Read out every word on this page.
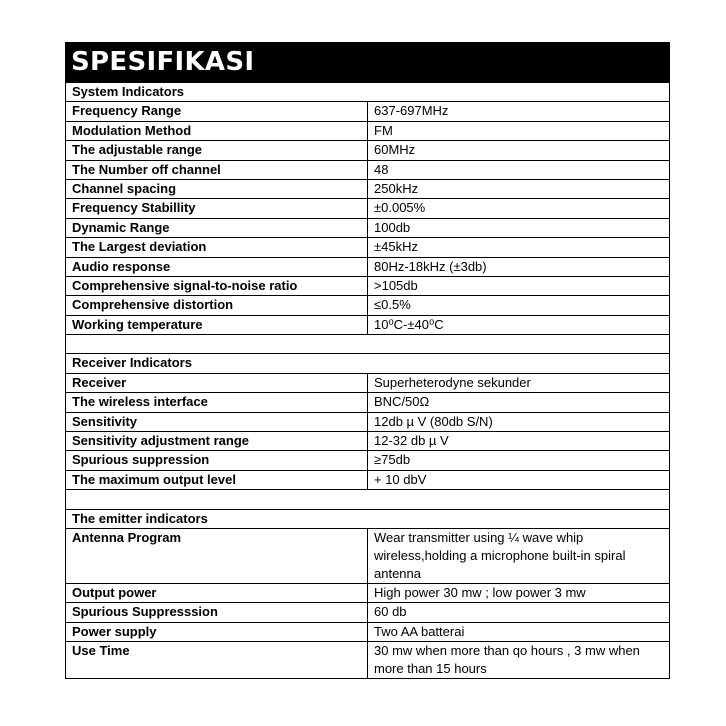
SPESIFIKASI
System Indicators	
Frequency Range	637-697MHz
Modulation Method	FM
The adjustable range	60MHz
The Number off channel	48
Channel spacing	250kHz
Frequency Stabillity	±0.005%
Dynamic Range	100db
The Largest deviation	±45kHz
Audio response	80Hz-18kHz (±3db)
Comprehensive signal-to-noise ratio	>105db
Comprehensive distortion	≤0.5%
Working temperature	10⁰C-±40⁰C

Receiver Indicators	
Receiver	Superheterodyne sekunder
The wireless interface	BNC/50Ω
Sensitivity	12db µ V (80db S/N)
Sensitivity adjustment range	12-32 db µ V
Spurious suppression	≥75db
The maximum output level	+ 10 dbV

The emitter indicators	
Antenna Program	Wear transmitter using ¼ wave whip wireless,holding a microphone built-in spiral antenna
Output power	High power 30 mw ; low power 3 mw
Spurious Suppresssion	60 db
Power supply	Two AA batterai
Use Time	30 mw when more than qo hours , 3 mw when more than 15 hours
